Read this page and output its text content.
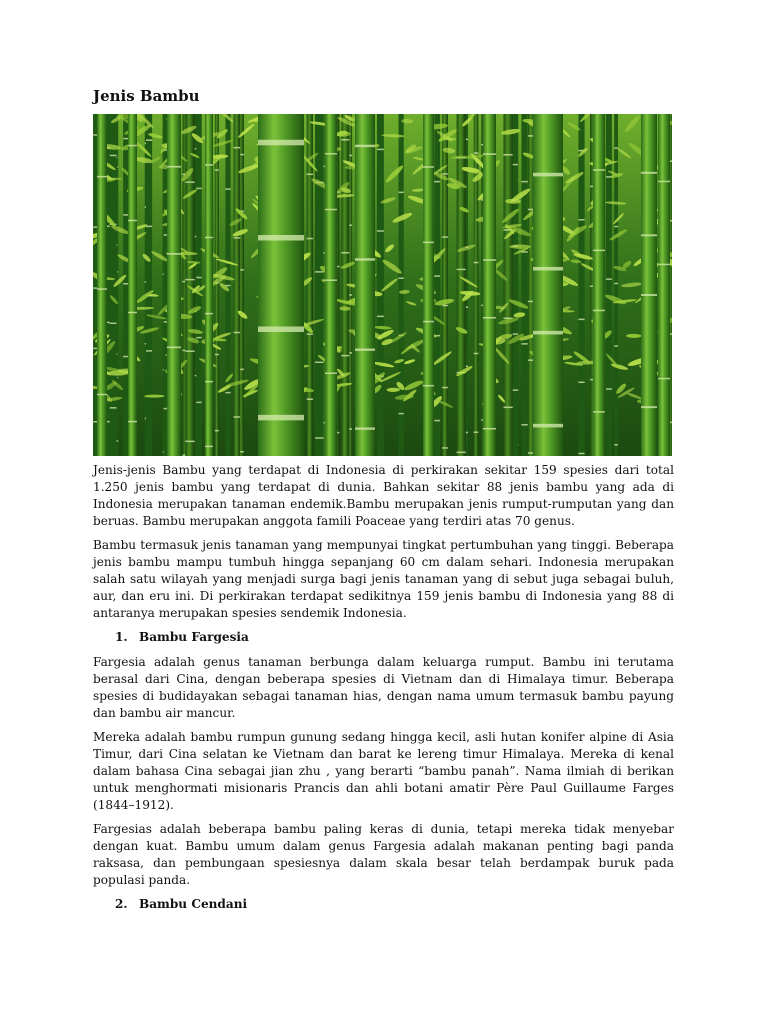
Jenis Bambu

Jenis-jenis Bambu yang terdapat di Indonesia di perkirakan sekitar 159 spesies dari total 1.250 jenis bambu yang terdapat di dunia. Bahkan sekitar 88 jenis bambu yang ada di Indonesia merupakan tanaman endemik.Bambu merupakan jenis rumput-rumputan yang dan beruas. Bambu merupakan anggota famili Poaceae yang terdiri atas 70 genus.

Bambu termasuk jenis tanaman yang mempunyai tingkat pertumbuhan yang tinggi. Beberapa jenis bambu mampu tumbuh hingga sepanjang 60 cm dalam sehari. Indonesia merupakan salah satu wilayah yang menjadi surga bagi jenis tanaman yang di sebut juga sebagai buluh, aur, dan eru ini. Di perkirakan terdapat sedikitnya 159 jenis bambu di Indonesia yang 88 di antaranya merupakan spesies sendemik Indonesia.

1. Bambu Fargesia

Fargesia adalah genus tanaman berbunga dalam keluarga rumput. Bambu ini terutama berasal dari Cina, dengan beberapa spesies di Vietnam dan di Himalaya timur. Beberapa spesies di budidayakan sebagai tanaman hias, dengan nama umum termasuk bambu payung dan bambu air mancur.

Mereka adalah bambu rumpun gunung sedang hingga kecil, asli hutan konifer alpine di Asia Timur, dari Cina selatan ke Vietnam dan barat ke lereng timur Himalaya. Mereka di kenal dalam bahasa Cina sebagai jian zhu , yang berarti “bambu panah”. Nama ilmiah di berikan untuk menghormati misionaris Prancis dan ahli botani amatir Père Paul Guillaume Farges (1844–1912).

Fargesias adalah beberapa bambu paling keras di dunia, tetapi mereka tidak menyebar dengan kuat. Bambu umum dalam genus Fargesia adalah makanan penting bagi panda raksasa, dan pembungaan spesiesnya dalam skala besar telah berdampak buruk pada populasi panda.

2. Bambu Cendani
